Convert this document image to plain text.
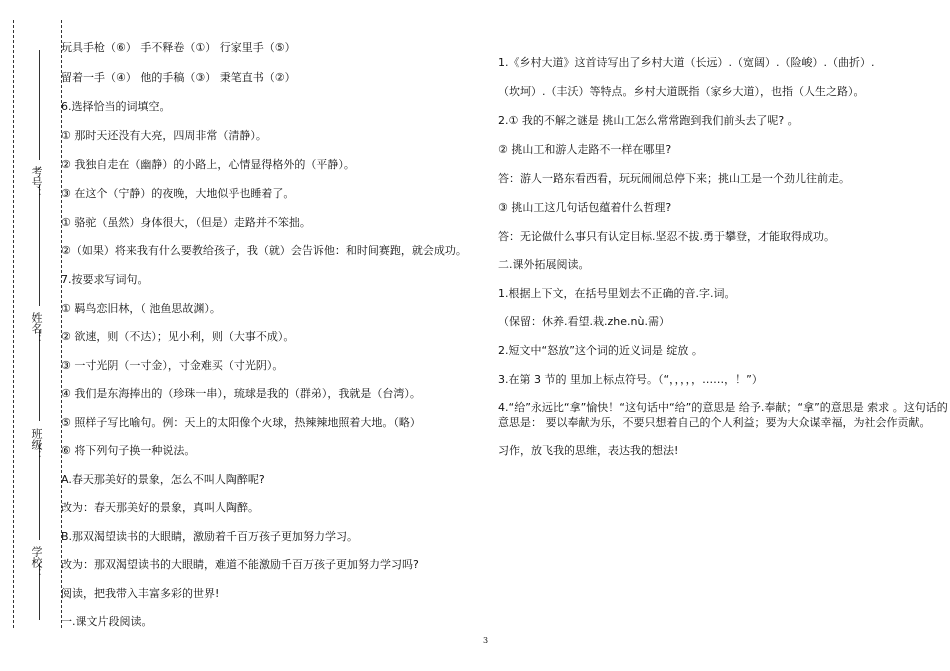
考号：
姓名：
班级：
学校：
玩具手枪（⑥） 手不释卷（①） 行家里手（⑤）
留着一手（④） 他的手稿（③） 秉笔直书（②）
6.选择恰当的词填空。
① 那时天还没有大亮，四周非常（清静）。
② 我独自走在（幽静）的小路上，心情显得格外的（平静）。
③ 在这个（宁静）的夜晚，大地似乎也睡着了。
① 骆驼（虽然）身体很大，（但是）走路并不笨拙。
②（如果）将来我有什么要教给孩子，我（就）会告诉他：和时间赛跑，就会成功。
7.按要求写词句。
① 羁鸟恋旧林，（ 池鱼思故渊）。
② 欲速，则（不达）；见小利，则（大事不成）。
③ 一寸光阴（一寸金），寸金难买（寸光阴）。
④ 我们是东海捧出的（珍珠一串），琉球是我的（群弟），我就是（台湾）。
⑤ 照样子写比喻句。例：天上的太阳像个火球，热辣辣地照着大地。（略）
⑥ 将下列句子换一种说法。
A.春天那美好的景象，怎么不叫人陶醉呢?
改为：春天那美好的景象，真叫人陶醉。
B.那双渴望读书的大眼睛，激励着千百万孩子更加努力学习。
改为：那双渴望读书的大眼睛，难道不能激励千百万孩子更加努力学习吗?
阅读，把我带入丰富多彩的世界!
一.课文片段阅读。
1.《乡村大道》这首诗写出了乡村大道（长远）.（宽阔）.（险峻）.（曲折）.
（坎坷）.（丰沃）等特点。乡村大道既指（家乡大道），也指（人生之路）。
2.① 我的不解之谜是 挑山工怎么常常跑到我们前头去了呢? 。
② 挑山工和游人走路不一样在哪里?
答：游人一路东看西看，玩玩闹闹总停下来；挑山工是一个劲儿往前走。
③ 挑山工这几句话包蕴着什么哲理?
答：无论做什么事只有认定目标.坚忍不拔.勇于攀登，才能取得成功。
二.课外拓展阅读。
1.根据上下文，在括号里划去不正确的音.字.词。
（保留：休养.看望.栽.zhe.nù.需）
2.短文中“怒放”这个词的近义词是 绽放 。
3.在第 3 节的 里加上标点符号。（“，，，，，……，！”）
4.“给”永远比“拿”愉快！“这句话中“给”的意思是 给予.奉献；“拿”的意思是 索求 。这句话的
意思是： 要以奉献为乐，不要只想着自己的个人利益；要为大众谋幸福，为社会作贡献。
习作，放飞我的思维，表达我的想法!
3
